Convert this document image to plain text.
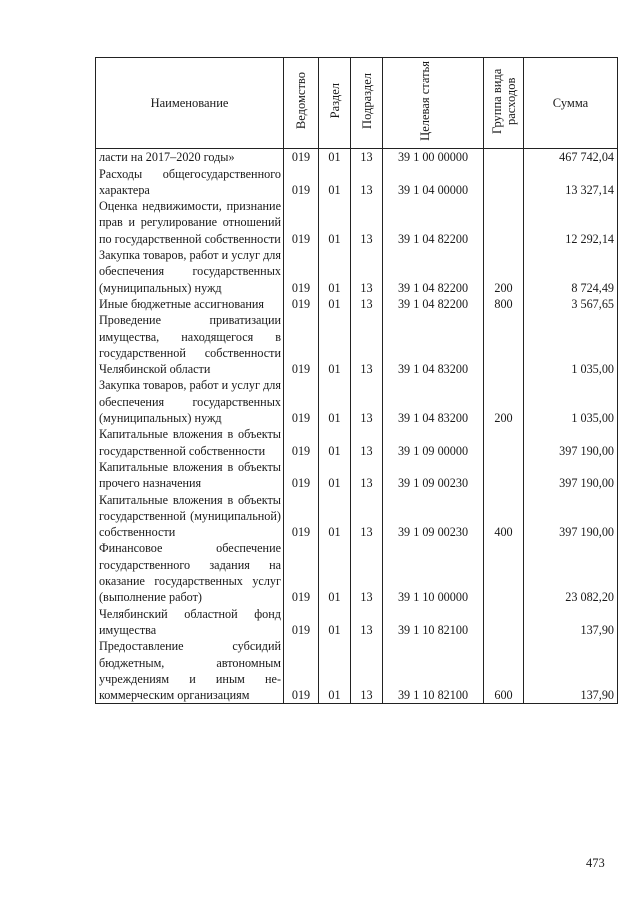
Наименование	Ведомство	Раздел	Подраздел	Целевая статья	Группа вида расходов	Сумма
ласти на 2017–2020 годы»	019	01	13	39 1 00 00000		467 742,04
Расходы общегосударственного характера	019	01	13	39 1 04 00000		13 327,14
Оценка недвижимости, признание прав и регулирование отношений по государственной собственности	019	01	13	39 1 04 82200		12 292,14
Закупка товаров, работ и услуг для обеспечения государственных (муниципальных) нужд	019	01	13	39 1 04 82200	200	8 724,49
Иные бюджетные ассигнования	019	01	13	39 1 04 82200	800	3 567,65
Проведение приватизации имущества, находящегося в государственной собственности Челябинской области	019	01	13	39 1 04 83200		1 035,00
Закупка товаров, работ и услуг для обеспечения государственных (муниципальных) нужд	019	01	13	39 1 04 83200	200	1 035,00
Капитальные вложения в объекты государственной собственности	019	01	13	39 1 09 00000		397 190,00
Капитальные вложения в объекты прочего назначения	019	01	13	39 1 09 00230		397 190,00
Капитальные вложения в объекты государственной (муниципальной) собственности	019	01	13	39 1 09 00230	400	397 190,00
Финансовое обеспечение государственного задания на оказание государственных услуг (выполнение работ)	019	01	13	39 1 10 00000		23 082,20
Челябинский областной фонд имущества	019	01	13	39 1 10 82100		137,90
Предоставление субсидий бюджетным, автономным учреждениям и иным некоммерческим организациям	019	01	13	39 1 10 82100	600	137,90
473
